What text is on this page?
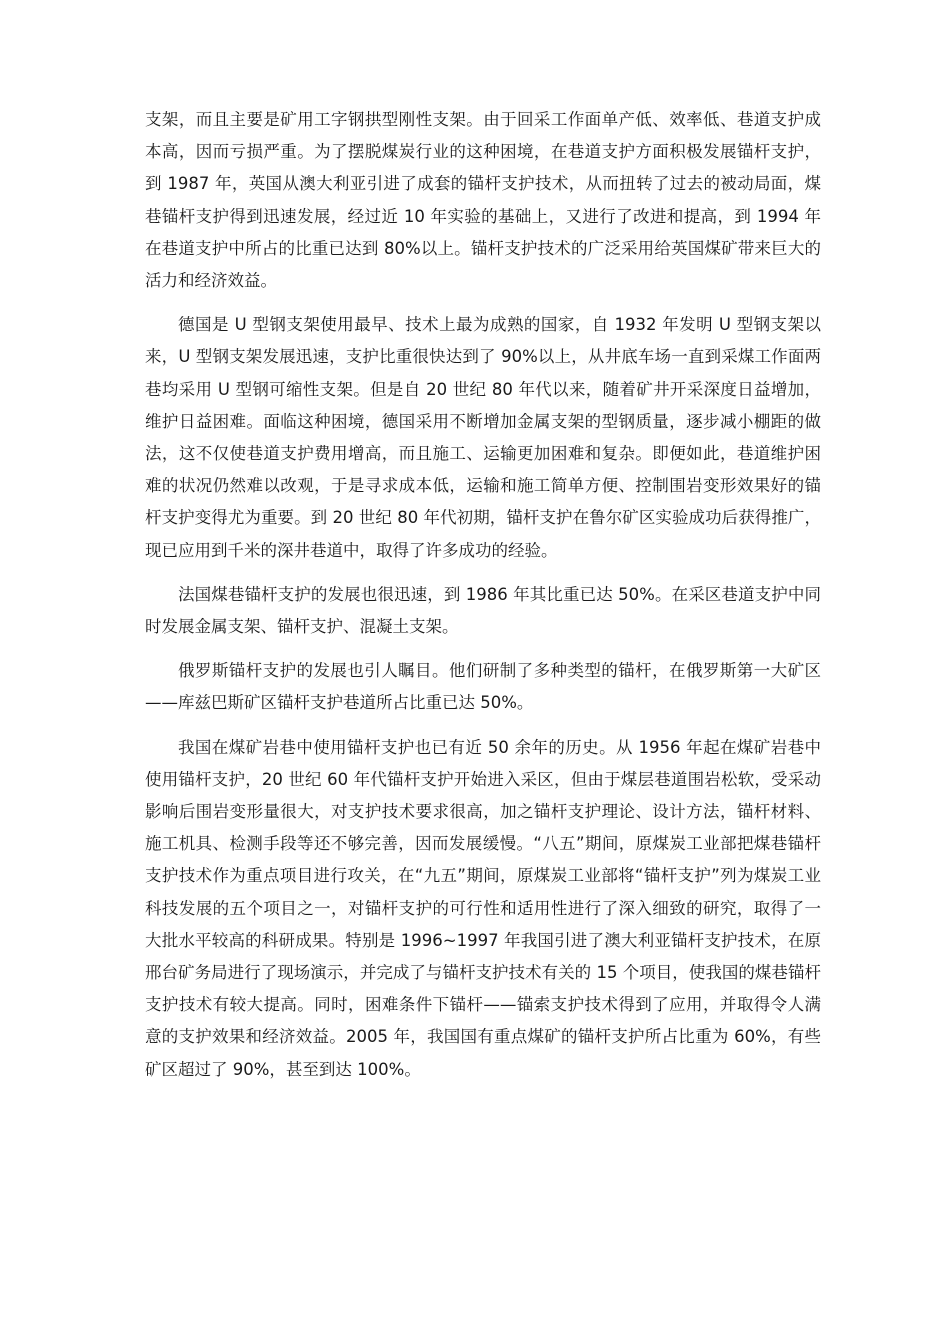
支架，而且主要是矿用工字钢拱型刚性支架。由于回采工作面单产低、效率低、巷道支护成本高，因而亏损严重。为了摆脱煤炭行业的这种困境，在巷道支护方面积极发展锚杆支护，到 1987 年，英国从澳大利亚引进了成套的锚杆支护技术，从而扭转了过去的被动局面，煤巷锚杆支护得到迅速发展，经过近 10 年实验的基础上，又进行了改进和提高，到 1994 年在巷道支护中所占的比重已达到 80%以上。锚杆支护技术的广泛采用给英国煤矿带来巨大的活力和经济效益。

德国是 U 型钢支架使用最早、技术上最为成熟的国家，自 1932 年发明 U 型钢支架以来，U 型钢支架发展迅速，支护比重很快达到了 90%以上，从井底车场一直到采煤工作面两巷均采用 U 型钢可缩性支架。但是自 20 世纪 80 年代以来，随着矿井开采深度日益增加，维护日益困难。面临这种困境，德国采用不断增加金属支架的型钢质量，逐步减小棚距的做法，这不仅使巷道支护费用增高，而且施工、运输更加困难和复杂。即便如此，巷道维护困难的状况仍然难以改观，于是寻求成本低，运输和施工简单方便、控制围岩变形效果好的锚杆支护变得尤为重要。到 20 世纪 80 年代初期，锚杆支护在鲁尔矿区实验成功后获得推广，现已应用到千米的深井巷道中，取得了许多成功的经验。

法国煤巷锚杆支护的发展也很迅速，到 1986 年其比重已达 50%。在采区巷道支护中同时发展金属支架、锚杆支护、混凝土支架。

俄罗斯锚杆支护的发展也引人瞩目。他们研制了多种类型的锚杆，在俄罗斯第一大矿区——库兹巴斯矿区锚杆支护巷道所占比重已达 50%。

我国在煤矿岩巷中使用锚杆支护也已有近 50 余年的历史。从 1956 年起在煤矿岩巷中使用锚杆支护，20 世纪 60 年代锚杆支护开始进入采区，但由于煤层巷道围岩松软，受采动影响后围岩变形量很大，对支护技术要求很高，加之锚杆支护理论、设计方法，锚杆材料、施工机具、检测手段等还不够完善，因而发展缓慢。“八五”期间，原煤炭工业部把煤巷锚杆支护技术作为重点项目进行攻关，在“九五”期间，原煤炭工业部将“锚杆支护”列为煤炭工业科技发展的五个项目之一，对锚杆支护的可行性和适用性进行了深入细致的研究，取得了一大批水平较高的科研成果。特别是 1996~1997 年我国引进了澳大利亚锚杆支护技术，在原邢台矿务局进行了现场演示，并完成了与锚杆支护技术有关的 15 个项目，使我国的煤巷锚杆支护技术有较大提高。同时，困难条件下锚杆——锚索支护技术得到了应用，并取得令人满意的支护效果和经济效益。2005 年，我国国有重点煤矿的锚杆支护所占比重为 60%，有些矿区超过了 90%，甚至到达 100%。
